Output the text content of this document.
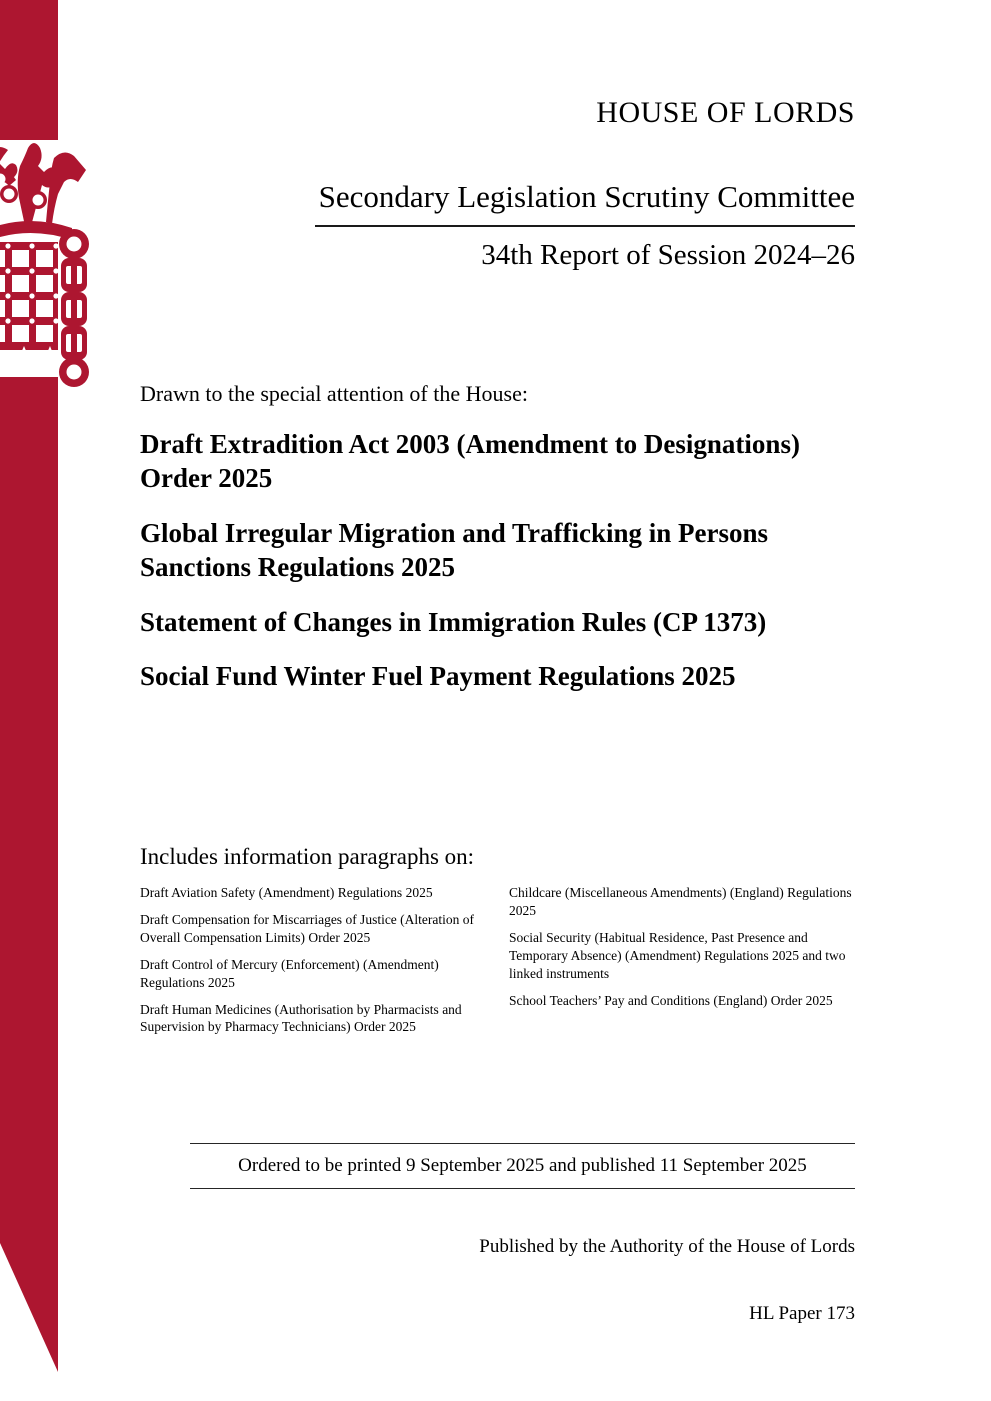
HOUSE OF LORDS
Secondary Legislation Scrutiny Committee
34th Report of Session 2024–26
Drawn to the special attention of the House:
Draft Extradition Act 2003 (Amendment to Designations) Order 2025
Global Irregular Migration and Trafficking in Persons Sanctions Regulations 2025
Statement of Changes in Immigration Rules (CP 1373)
Social Fund Winter Fuel Payment Regulations 2025
Includes information paragraphs on:
Draft Aviation Safety (Amendment) Regulations 2025
Draft Compensation for Miscarriages of Justice (Alteration of Overall Compensation Limits) Order 2025
Draft Control of Mercury (Enforcement) (Amendment) Regulations 2025
Draft Human Medicines (Authorisation by Pharmacists and Supervision by Pharmacy Technicians) Order 2025
Childcare (Miscellaneous Amendments) (England) Regulations 2025
Social Security (Habitual Residence, Past Presence and Temporary Absence) (Amendment) Regulations 2025 and two linked instruments
School Teachers’ Pay and Conditions (England) Order 2025
Ordered to be printed 9 September 2025 and published 11 September 2025
Published by the Authority of the House of Lords
HL Paper 173
